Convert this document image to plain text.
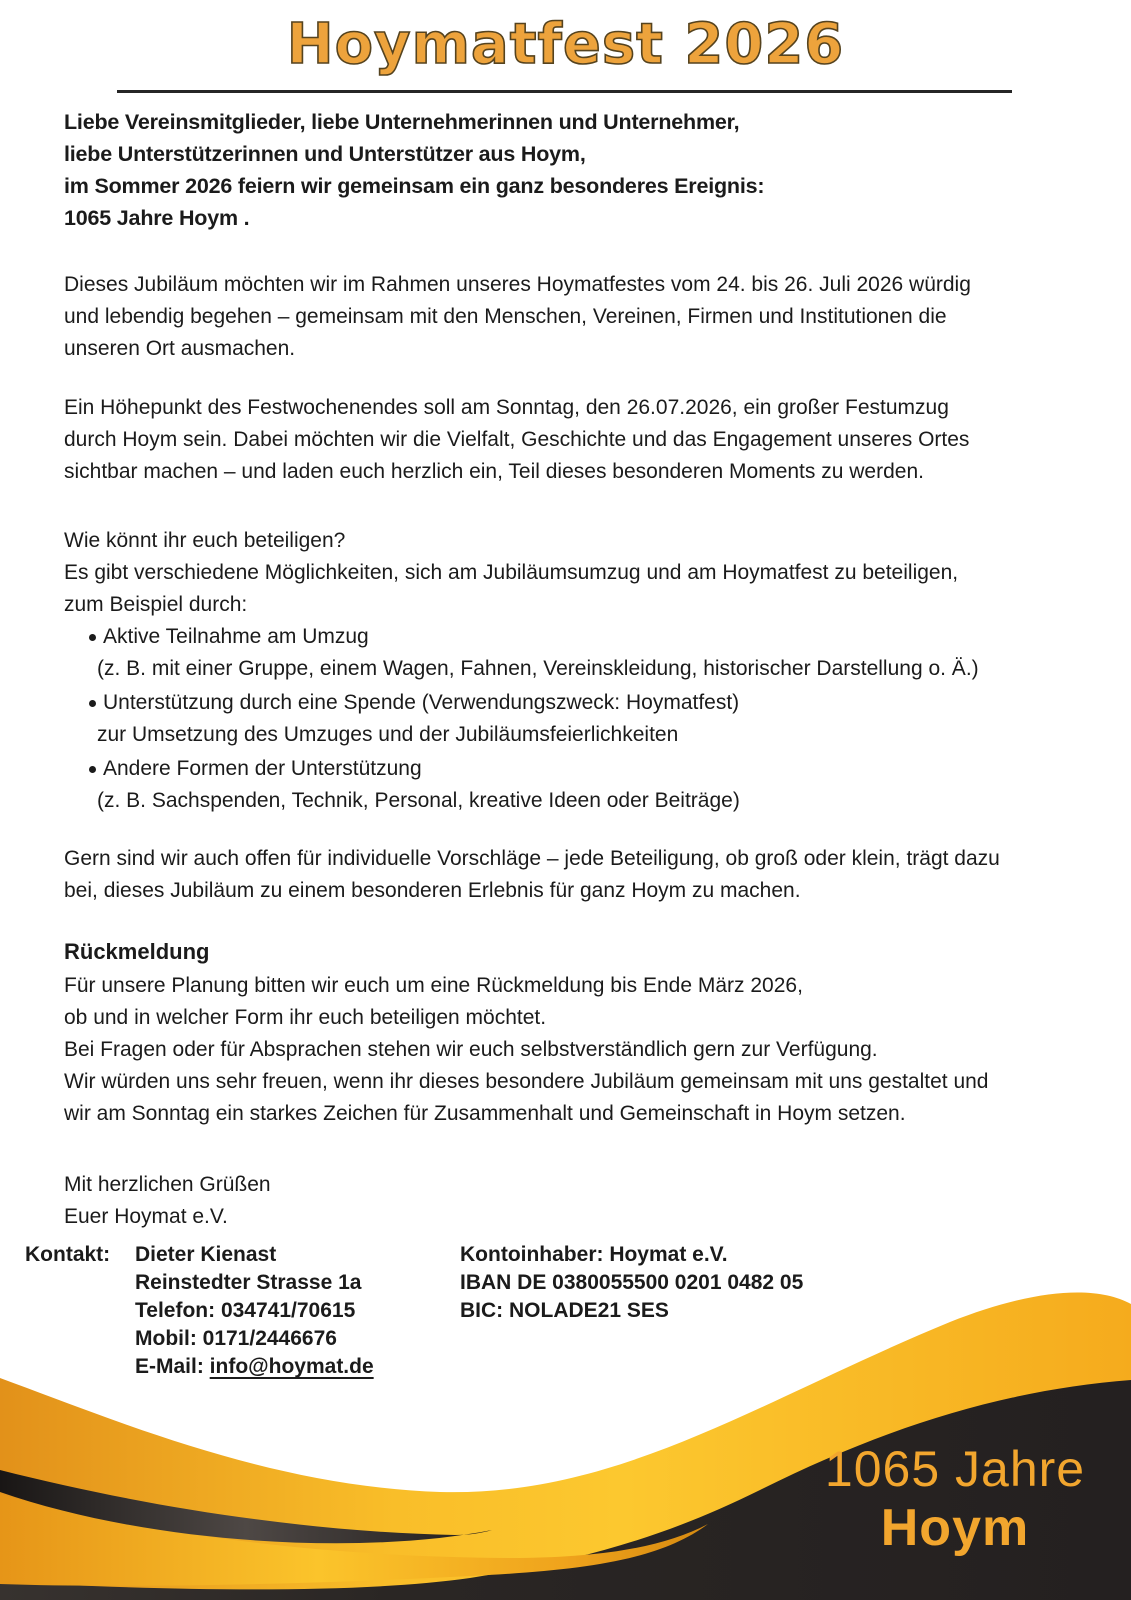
Hoymatfest 2026
Liebe Vereinsmitglieder, liebe Unternehmerinnen und Unternehmer,
liebe Unterstützerinnen und Unterstützer aus Hoym,
im Sommer 2026 feiern wir gemeinsam ein ganz besonderes Ereignis:
1065 Jahre Hoym .
Dieses Jubiläum möchten wir im Rahmen unseres Hoymatfestes vom 24. bis 26. Juli 2026 würdig
und lebendig begehen – gemeinsam mit den Menschen, Vereinen, Firmen und Institutionen die
unseren Ort ausmachen.
Ein Höhepunkt des Festwochenendes soll am Sonntag, den 26.07.2026, ein großer Festumzug
durch Hoym sein. Dabei möchten wir die Vielfalt, Geschichte und das Engagement unseres Ortes
sichtbar machen – und laden euch herzlich ein, Teil dieses besonderen Moments zu werden.
Wie könnt ihr euch beteiligen?
Es gibt verschiedene Möglichkeiten, sich am Jubiläumsumzug und am Hoymatfest zu beteiligen,
zum Beispiel durch:
Aktive Teilnahme am Umzug
(z. B. mit einer Gruppe, einem Wagen, Fahnen, Vereinskleidung, historischer Darstellung o. Ä.)
Unterstützung durch eine Spende (Verwendungszweck: Hoymatfest)
zur Umsetzung des Umzuges und der Jubiläumsfeierlichkeiten
Andere Formen der Unterstützung
(z. B. Sachspenden, Technik, Personal, kreative Ideen oder Beiträge)
Gern sind wir auch offen für individuelle Vorschläge – jede Beteiligung, ob groß oder klein, trägt dazu
bei, dieses Jubiläum zu einem besonderen Erlebnis für ganz Hoym zu machen.
Rückmeldung
Für unsere Planung bitten wir euch um eine Rückmeldung bis Ende März 2026,
ob und in welcher Form ihr euch beteiligen möchtet.
Bei Fragen oder für Absprachen stehen wir euch selbstverständlich gern zur Verfügung.
Wir würden uns sehr freuen, wenn ihr dieses besondere Jubiläum gemeinsam mit uns gestaltet und
wir am Sonntag ein starkes Zeichen für Zusammenhalt und Gemeinschaft in Hoym setzen.
Mit herzlichen Grüßen
Euer Hoymat e.V.
Kontakt:	Dieter Kienast
Reinstedter Strasse 1a
Telefon: 034741/70615
Mobil: 0171/2446676
E-Mail: info@hoymat.de
Kontoinhaber: Hoymat e.V.
IBAN DE 0380055500 0201 0482 05
BIC: NOLADE21 SES
1065 Jahre
Hoym
